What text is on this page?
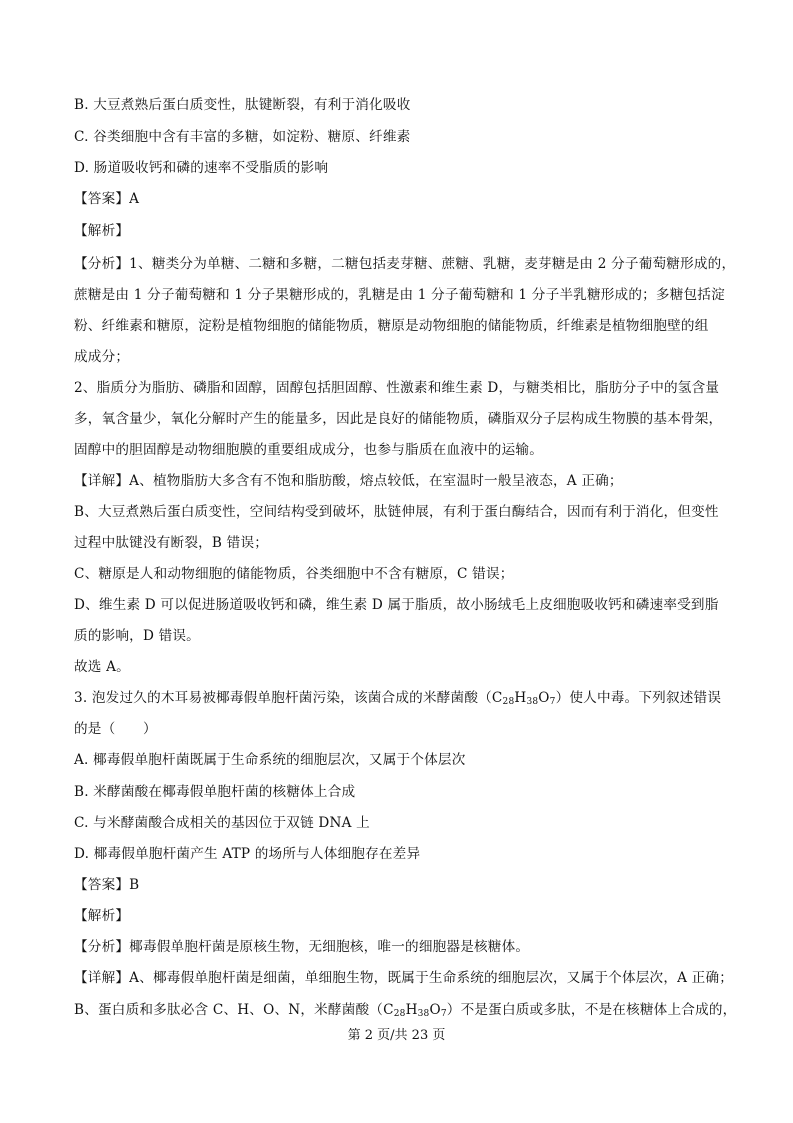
B. 大豆煮熟后蛋白质变性，肽键断裂，有利于消化吸收
C. 谷类细胞中含有丰富的多糖，如淀粉、糖原、纤维素
D. 肠道吸收钙和磷的速率不受脂质的影响
【答案】A
【解析】
【分析】1、糖类分为单糖、二糖和多糖，二糖包括麦芽糖、蔗糖、乳糖，麦芽糖是由 2 分子葡萄糖形成的，
蔗糖是由 1 分子葡萄糖和 1 分子果糖形成的，乳糖是由 1 分子葡萄糖和 1 分子半乳糖形成的；多糖包括淀
粉、纤维素和糖原，淀粉是植物细胞的储能物质，糖原是动物细胞的储能物质，纤维素是植物细胞壁的组
成成分；
2、脂质分为脂肪、磷脂和固醇，固醇包括胆固醇、性激素和维生素 D，与糖类相比，脂肪分子中的氢含量
多，氧含量少，氧化分解时产生的能量多，因此是良好的储能物质，磷脂双分子层构成生物膜的基本骨架，
固醇中的胆固醇是动物细胞膜的重要组成成分，也参与脂质在血液中的运输。
【详解】A、植物脂肪大多含有不饱和脂肪酸，熔点较低，在室温时一般呈液态，A 正确；
B、大豆煮熟后蛋白质变性，空间结构受到破坏，肽链伸展，有利于蛋白酶结合，因而有利于消化，但变性
过程中肽键没有断裂，B 错误；
C、糖原是人和动物细胞的储能物质，谷类细胞中不含有糖原，C 错误；
D、维生素 D 可以促进肠道吸收钙和磷，维生素 D 属于脂质，故小肠绒毛上皮细胞吸收钙和磷速率受到脂
质的影响，D 错误。
故选 A。
3. 泡发过久的木耳易被椰毒假单胞杆菌污染，该菌合成的米酵菌酸$(C_{28}H_{38}O_7)$使人中毒。下列叙述错误
的是（　　）
A. 椰毒假单胞杆菌既属于生命系统的细胞层次，又属于个体层次
B. 米酵菌酸在椰毒假单胞杆菌的核糖体上合成
C. 与米酵菌酸合成相关的基因位于双链 DNA 上
D. 椰毒假单胞杆菌产生 ATP 的场所与人体细胞存在差异
【答案】B
【解析】
【分析】椰毒假单胞杆菌是原核生物，无细胞核，唯一的细胞器是核糖体。
【详解】A、椰毒假单胞杆菌是细菌，单细胞生物，既属于生命系统的细胞层次，又属于个体层次，A 正确；
B、蛋白质和多肽必含 C、H、O、N，米酵菌酸$(C_{28}H_{38}O_7)$不是蛋白质或多肽，不是在核糖体上合成的，
第 2 页/共 23 页
